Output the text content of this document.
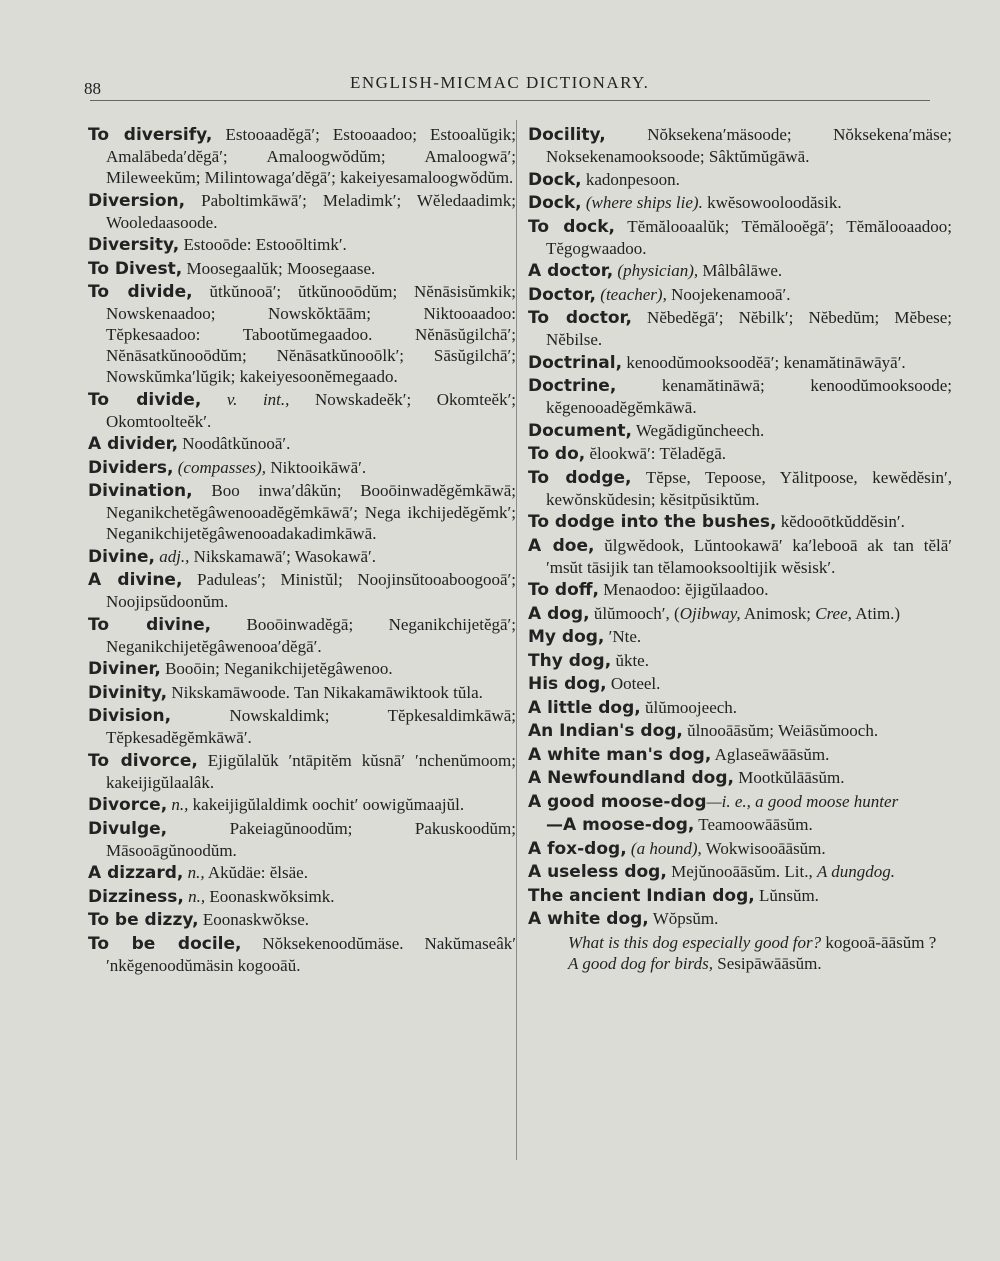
88	ENGLISH-MICMAC DICTIONARY.
To diversify, Estooaadĕgā′; Estooaadoo; Estooalŭgik; Amalābeda′dĕgā′; Amaloogwŏdŭm; Amaloogwā′; Mileweekŭm; Milintowaga′dĕgā′; kakeiyesamaloogwŏdŭm.
Diversion, Paboltimkāwā′; Meladimk′; Wĕledaadimk; Wooledaasoode.
Diversity, Estooōde: Estooōltimk′.
To Divest, Moosegaalŭk; Moosegaase.
To divide, ŭtkŭnooā′; ŭtkŭnooōdŭm; Nĕnāsisŭmkik; Nowskenaadoo; Nowskŏktāām; Niktooaadoo: Tĕpkesaadoo: Tabootŭmegaadoo. Nĕnāsŭgilchā′; Nĕnāsatkŭnooōdŭm; Nĕnāsatkŭnooōlk′; Sāsŭgilchā′; Nowskŭmka′lŭgik; kakeiyesoonĕmegaado.
To divide, v. int., Nowskadeĕk′; Okomteĕk′; Okomtoolteĕk′.
A divider, Noodâtkŭnooā′.
Dividers, (compasses), Niktooikāwā′.
Divination, Boo inwa′dâkŭn; Booōinwadĕgĕmkāwā; Neganikchetĕgâwenooadĕgĕmkāwā′; Nega ikchijedĕgĕmk′; Neganikchijetĕgâwenooadakadimkāwā.
Divine, adj., Nikskamawā′; Wasokawā′.
A divine, Paduleas′; Ministŭl; Noojinsŭtooaboogooā′; Noojipsŭdoonŭm.
To divine, Booōinwadĕgā; Neganikchijetĕgā′; Neganikchijetĕgâwenooa′dĕgā′.
Diviner, Booōin; Neganikchijetĕgâwenoo.
Divinity, Nikskamāwoode. Tan Nikakamāwiktook tŭla.
Division, Nowskaldimk; Tĕpkesaldimkāwā; Tĕpkesadĕgĕmkāwā′.
To divorce, Ejigŭlalŭk ′ntāpitĕm kŭsnā′ ′nchenŭmoom; kakeijigŭlaalâk.
Divorce, n., kakeijigŭlaldimk oochit′ oowigŭmaajŭl.
Divulge, Pakeiagŭnoodŭm; Pakuskoodŭm; Māsooāgŭnoodŭm.
A dizzard, n., Akŭdäe: ĕlsäe.
Dizziness, n., Eoonaskwŏksimk.
To be dizzy, Eoonaskwŏkse.
To be docile, Nŏksekenoodŭmäse. Nakŭmaseâk′ ′nkĕgenoodŭmäsin kogooāŭ.
Docility, Nŏksekena′mäsoode; Nŏksekena′mäse; Noksekenamooksoode; Sâktŭmŭgāwā.
Dock, kadonpesoon.
Dock, (where ships lie). kwĕsowooloodăsik.
To dock, Tĕmălooaalŭk; Tĕmălooĕgā′; Tĕmălooaadoo; Tĕgogwaadoo.
A doctor, (physician), Mâlbâlāwe.
Doctor, (teacher), Noojekenamooā′.
To doctor, Nĕbedĕgā′; Nĕbilk′; Nĕbedŭm; Mĕbese; Nĕbilse.
Doctrinal, kenoodŭmooksoodĕā′; kenamătināwāyā′.
Doctrine, kenamătināwā; kenoodŭmooksoode; kĕgenooadĕgĕmkāwā.
Document, Wegădigŭncheech.
To do, ĕlookwā′: Tĕladĕgā.
To dodge, Tĕpse, Tepoose, Yălitpoose, kewĕdĕsin′, kewŏnskŭdesin; kĕsitpŭsiktŭm.
To dodge into the bushes, kĕdooōtkŭddĕsin′.
A doe, ŭlgwĕdook, Lŭntookawā′ ka′lebooā ak tan tĕlā′ ′msŭt tāsijik tan tĕlamooksooltijik wĕsisk′.
To doff, Menaodoo: ĕjigŭlaadoo.
A dog, ŭlŭmooch′, (Ojibway, Animosk; Cree, Atim.)
My dog, ′Nte.
Thy dog, ŭkte.
His dog, Ooteel.
A little dog, ŭlŭmoojeech.
An Indian's dog, ŭlnooāāsŭm; Weiāsŭmooch.
A white man's dog, Aglaseāwāāsŭm.
A Newfoundland dog, Mootkŭlāāsŭm.
A good moose-dog—i. e., a good moose hunter
—A moose-dog, Teamoowāāsŭm.
A fox-dog, (a hound), Wokwisooāāsŭm.
A useless dog, Mejŭnooāāsŭm. Lit., A dungdog.
The ancient Indian dog, Lŭnsŭm.
A white dog, Wŏpsŭm.
What is this dog especially good for? kogooā-āāsŭm ?
A good dog for birds, Sesipāwāāsŭm.
